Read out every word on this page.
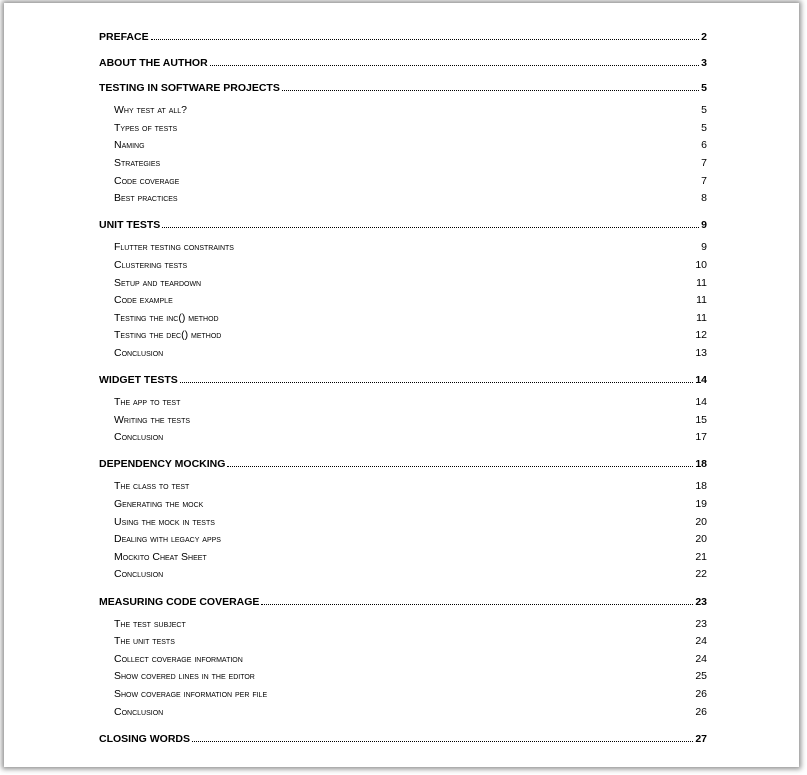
PREFACE	2
ABOUT THE AUTHOR	3
TESTING IN SOFTWARE PROJECTS	5
Why test at all?	5
Types of tests	5
Naming	6
Strategies	7
Code coverage	7
Best practices	8
UNIT TESTS	9
Flutter testing constraints	9
Clustering tests	10
Setup and teardown	11
Code example	11
Testing the inc() method	11
Testing the dec() method	12
Conclusion	13
WIDGET TESTS	14
The app to test	14
Writing the tests	15
Conclusion	17
DEPENDENCY MOCKING	18
The class to test	18
Generating the mock	19
Using the mock in tests	20
Dealing with legacy apps	20
Mockito Cheat Sheet	21
Conclusion	22
MEASURING CODE COVERAGE	23
The test subject	23
The unit tests	24
Collect coverage information	24
Show covered lines in the editor	25
Show coverage information per file	26
Conclusion	26
CLOSING WORDS	27
